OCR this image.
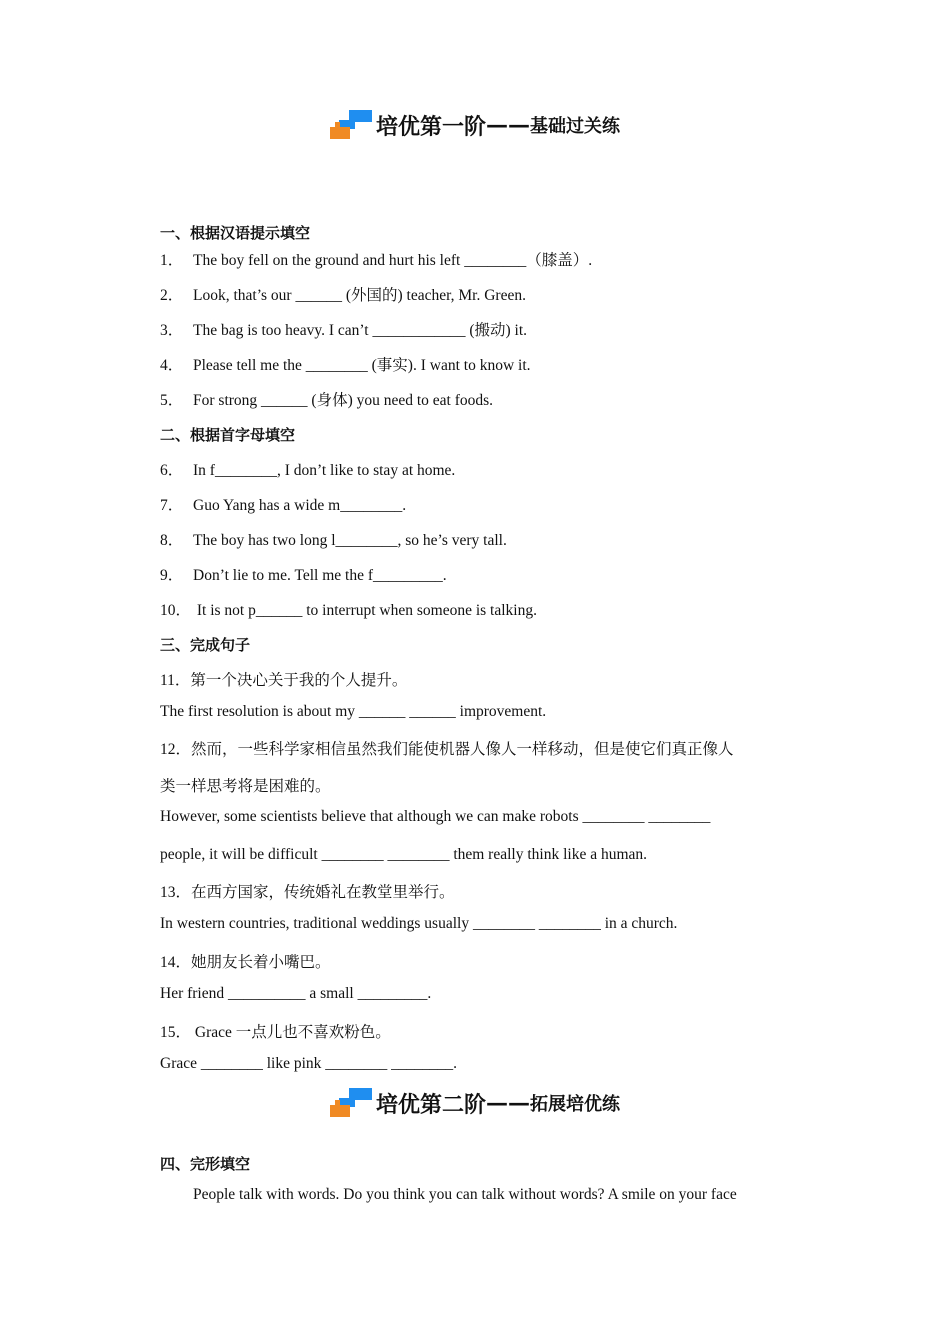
培优第一阶 —— 基础过关练
一、根据汉语提示填空
1． The boy fell on the ground and hurt his left ________（膝盖）.
2． Look, that’s our ______ (外国的) teacher, Mr. Green.
3． The bag is too heavy. I can’t ____________ (搬动) it.
4． Please tell me the ________ (事实). I want to know it.
5． For strong ______ (身体) you need to eat foods.
二、根据首字母填空
6． In f________, I don’t like to stay at home.
7． Guo Yang has a wide m________.
8． The boy has two long l________, so he’s very tall.
9． Don’t lie to me. Tell me the f_________.
10． It is not p______ to interrupt when someone is talking.
三、完成句子
11．第一个决心关于我的个人提升。
The first resolution is about my ______ ______ improvement.
12．然而，一些科学家相信虽然我们能使机器人像人一样移动，但是使它们真正像人
类一样思考将是困难的。
However, some scientists believe that although we can make robots ________ ________
people, it will be difficult ________ ________ them really think like a human.
13．在西方国家，传统婚礼在教堂里举行。
In western countries, traditional weddings usually ________ ________ in a church.
14．她朋友长着小嘴巴。
Her friend __________ a small _________.
15． Grace 一点儿也不喜欢粉色。
Grace ________ like pink ________ ________.
培优第二阶 —— 拓展培优练
四、完形填空
People talk with words. Do you think you can talk without words? A smile on your face
